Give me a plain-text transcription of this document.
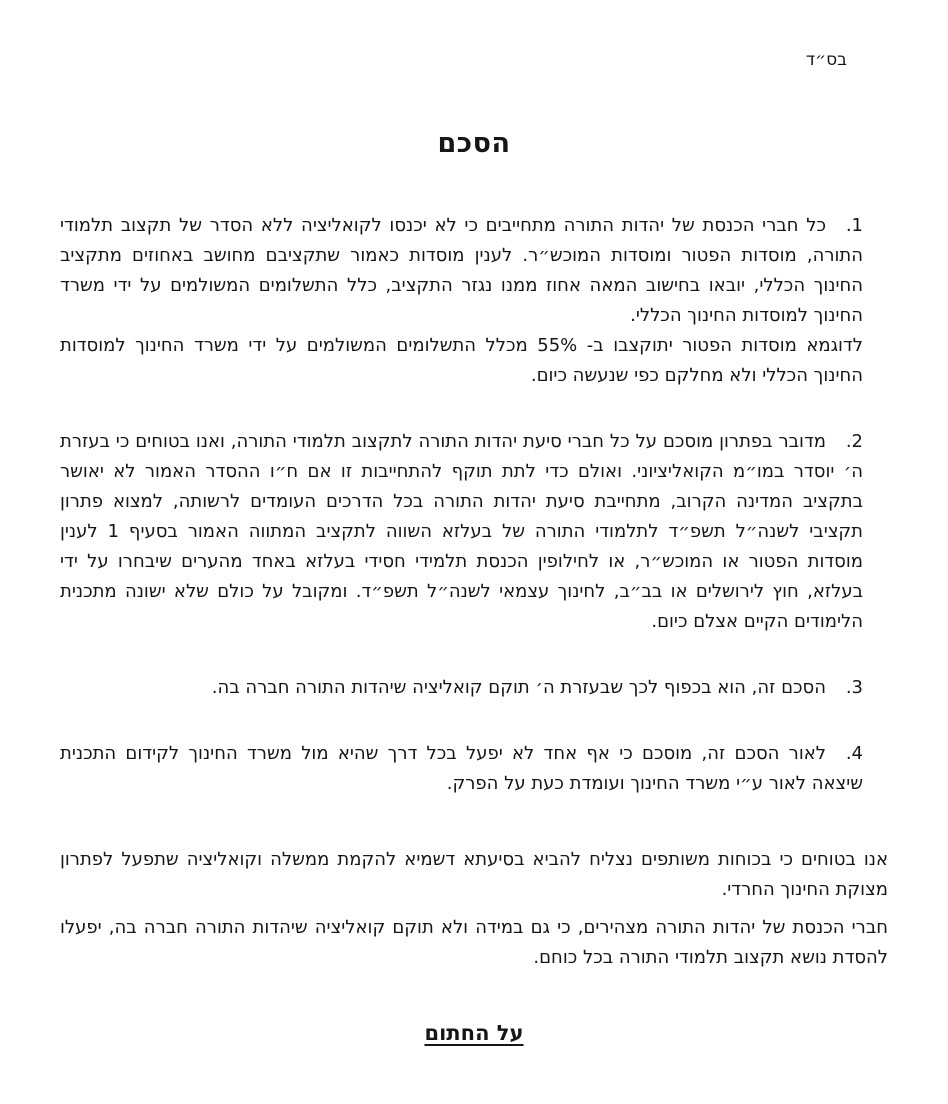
בס״ד
הסכם
1.

כל חברי הכנסת של יהדות התורה מתחייבים כי לא יכנסו לקואליציה ללא הסדר של תקצוב תלמודי התורה, מוסדות הפטור ומוסדות המוכש״ר. לענין מוסדות כאמור שתקציבם מחושב באחוזים מתקציב החינוך הכללי, יובאו בחישוב המאה אחוז ממנו נגזר התקציב, כלל התשלומים המשולמים על ידי משרד החינוך למוסדות החינוך הכללי.

לדוגמא מוסדות הפטור יתוקצבו ב- 55% מכלל התשלומים המשולמים על ידי משרד החינוך למוסדות החינוך הכללי ולא מחלקם כפי שנעשה כיום.

2.

מדובר בפתרון מוסכם על כל חברי סיעת יהדות התורה לתקצוב תלמודי התורה, ואנו בטוחים כי בעזרת ה׳ יוסדר במו״מ הקואליציוני. ואולם כדי לתת תוקף להתחייבות זו אם ח״ו ההסדר האמור לא יאושר בתקציב המדינה הקרוב, מתחייבת סיעת יהדות התורה בכל הדרכים העומדים לרשותה, למצוא פתרון תקציבי לשנה״ל תשפ״ד לתלמודי התורה של בעלזא השווה לתקציב המתווה האמור בסעיף 1 לענין מוסדות הפטור או המוכש״ר, או לחילופין הכנסת תלמידי חסידי בעלזא באחד מהערים שיבחרו על ידי בעלזא, חוץ לירושלים או בב״ב, לחינוך עצמאי לשנה״ל תשפ״ד. ומקובל על כולם שלא ישונה מתכנית הלימודים הקיים אצלם כיום.

3.

הסכם זה, הוא בכפוף לכך שבעזרת ה׳ תוקם קואליציה שיהדות התורה חברה בה.

4.

לאור הסכם זה, מוסכם כי אף אחד לא יפעל בכל דרך שהיא מול משרד החינוך לקידום התכנית שיצאה לאור ע״י משרד החינוך ועומדת כעת על הפרק.

אנו בטוחים כי בכוחות משותפים נצליח להביא בסיעתא דשמיא להקמת ממשלה וקואליציה שתפעל לפתרון מצוקת החינוך החרדי.

חברי הכנסת של יהדות התורה מצהירים, כי גם במידה ולא תוקם קואליציה שיהדות התורה חברה בה, יפעלו להסדת נושא תקצוב תלמודי התורה בכל כוחם.

על החתום
